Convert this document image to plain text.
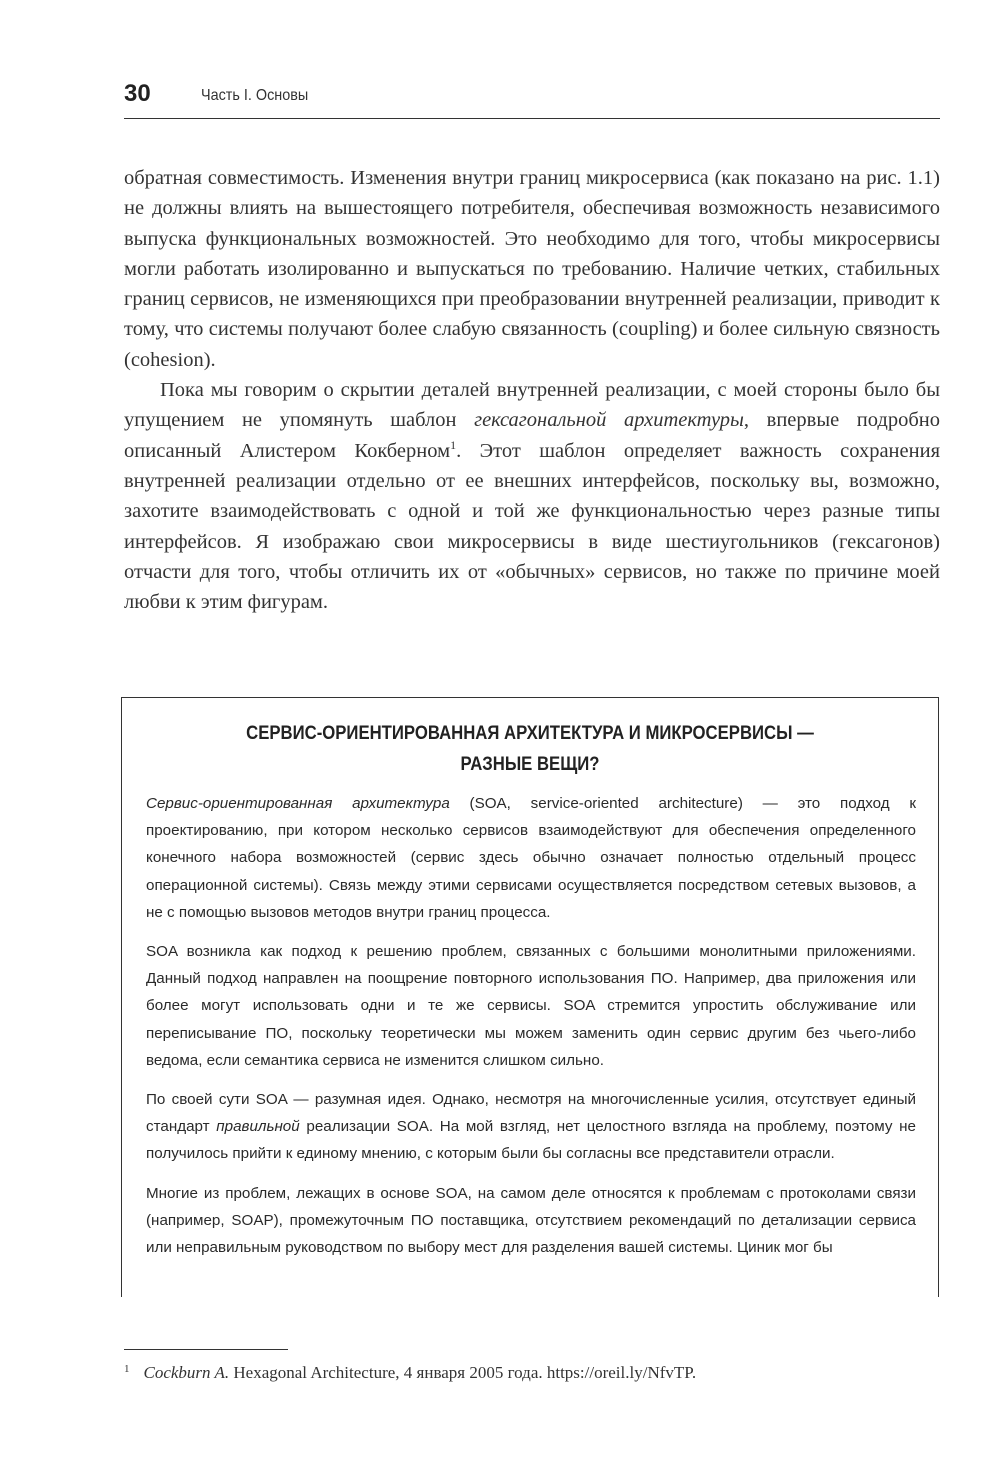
30	Часть I. Основы

обратная совместимость. Изменения внутри границ микросервиса (как показано на рис. 1.1) не должны влиять на вышестоящего потребителя, обеспечивая возможность независимого выпуска функциональных возможностей. Это необходимо для того, чтобы микросервисы могли работать изолированно и выпускаться по требованию. Наличие четких, стабильных границ сервисов, не изменяющихся при преобразовании внутренней реализации, приводит к тому, что системы получают более слабую связанность (coupling) и более сильную связность (cohesion).

Пока мы говорим о скрытии деталей внутренней реализации, с моей стороны было бы упущением не упомянуть шаблон гексагональной архитектуры, впервые подробно описанный Алистером Кокберном$^1$. Этот шаблон определяет важность сохранения внутренней реализации отдельно от ее внешних интерфейсов, поскольку вы, возможно, захотите взаимодействовать с одной и той же функциональностью через разные типы интерфейсов. Я изображаю свои микросервисы в виде шестиугольников (гексагонов) отчасти для того, чтобы отличить их от «обычных» сервисов, но также по причине моей любви к этим фигурам.

СЕРВИС-ОРИЕНТИРОВАННАЯ АРХИТЕКТУРА И МИКРОСЕРВИСЫ —
РАЗНЫЕ ВЕЩИ?

Сервис-ориентированная архитектура (SOA, service-oriented architecture) — это подход к проектированию, при котором несколько сервисов взаимодействуют для обеспечения определенного конечного набора возможностей (сервис здесь обычно означает полностью отдельный процесс операционной системы). Связь между этими сервисами осуществляется посредством сетевых вызовов, а не с помощью вызовов методов внутри границ процесса.

SOA возникла как подход к решению проблем, связанных с большими монолитными приложениями. Данный подход направлен на поощрение повторного использования ПО. Например, два приложения или более могут использовать одни и те же сервисы. SOA стремится упростить обслуживание или переписывание ПО, поскольку теоретически мы можем заменить один сервис другим без чьего-либо ведома, если семантика сервиса не изменится слишком сильно.

По своей сути SOA — разумная идея. Однако, несмотря на многочисленные усилия, отсутствует единый стандарт правильной реализации SOA. На мой взгляд, нет целостного взгляда на проблему, поэтому не получилось прийти к единому мнению, с которым были бы согласны все представители отрасли.

Многие из проблем, лежащих в основе SOA, на самом деле относятся к проблемам с протоколами связи (например, SOAP), промежуточным ПО поставщика, отсутствием рекомендаций по детализации сервиса или неправильным руководством по выбору мест для разделения вашей системы. Циник мог бы

$^1$ Cockburn A. Hexagonal Architecture, 4 января 2005 года. https://oreil.ly/NfvTP.
